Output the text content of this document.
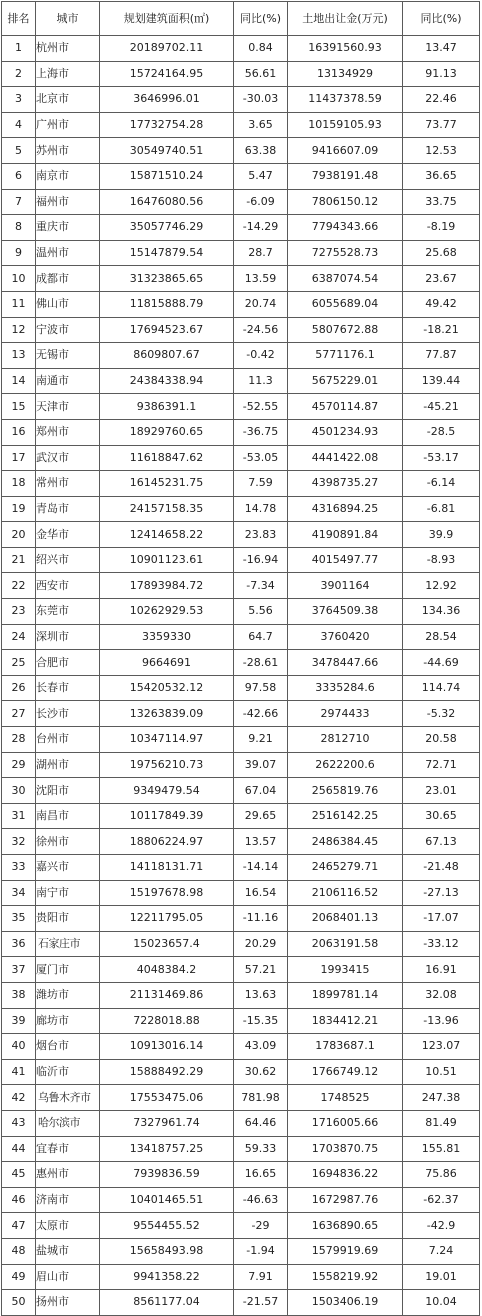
排名	城市	规划建筑面积(㎡)	同比(%)	土地出让金(万元)	同比(%)
1	杭州市	20189702.11	0.84	16391560.93	13.47
2	上海市	15724164.95	56.61	13134929	91.13
3	北京市	3646996.01	-30.03	11437378.59	22.46
4	广州市	17732754.28	3.65	10159105.93	73.77
5	苏州市	30549740.51	63.38	9416607.09	12.53
6	南京市	15871510.24	5.47	7938191.48	36.65
7	福州市	16476080.56	-6.09	7806150.12	33.75
8	重庆市	35057746.29	-14.29	7794343.66	-8.19
9	温州市	15147879.54	28.7	7275528.73	25.68
10	成都市	31323865.65	13.59	6387074.54	23.67
11	佛山市	11815888.79	20.74	6055689.04	49.42
12	宁波市	17694523.67	-24.56	5807672.88	-18.21
13	无锡市	8609807.67	-0.42	5771176.1	77.87
14	南通市	24384338.94	11.3	5675229.01	139.44
15	天津市	9386391.1	-52.55	4570114.87	-45.21
16	郑州市	18929760.65	-36.75	4501234.93	-28.5
17	武汉市	11618847.62	-53.05	4441422.08	-53.17
18	常州市	16145231.75	7.59	4398735.27	-6.14
19	青岛市	24157158.35	14.78	4316894.25	-6.81
20	金华市	12414658.22	23.83	4190891.84	39.9
21	绍兴市	10901123.61	-16.94	4015497.77	-8.93
22	西安市	17893984.72	-7.34	3901164	12.92
23	东莞市	10262929.53	5.56	3764509.38	134.36
24	深圳市	3359330	64.7	3760420	28.54
25	合肥市	9664691	-28.61	3478447.66	-44.69
26	长春市	15420532.12	97.58	3335284.6	114.74
27	长沙市	13263839.09	-42.66	2974433	-5.32
28	台州市	10347114.97	9.21	2812710	20.58
29	湖州市	19756210.73	39.07	2622200.6	72.71
30	沈阳市	9349479.54	67.04	2565819.76	23.01
31	南昌市	10117849.39	29.65	2516142.25	30.65
32	徐州市	18806224.97	13.57	2486384.45	67.13
33	嘉兴市	14118131.71	-14.14	2465279.71	-21.48
34	南宁市	15197678.98	16.54	2106116.52	-27.13
35	贵阳市	12211795.05	-11.16	2068401.13	-17.07
36	石家庄市	15023657.4	20.29	2063191.58	-33.12
37	厦门市	4048384.2	57.21	1993415	16.91
38	潍坊市	21131469.86	13.63	1899781.14	32.08
39	廊坊市	7228018.88	-15.35	1834412.21	-13.96
40	烟台市	10913016.14	43.09	1783687.1	123.07
41	临沂市	15888492.29	30.62	1766749.12	10.51
42	乌鲁木齐市	17553475.06	781.98	1748525	247.38
43	哈尔滨市	7327961.74	64.46	1716005.66	81.49
44	宜春市	13418757.25	59.33	1703870.75	155.81
45	惠州市	7939836.59	16.65	1694836.22	75.86
46	济南市	10401465.51	-46.63	1672987.76	-62.37
47	太原市	9554455.52	-29	1636890.65	-42.9
48	盐城市	15658493.98	-1.94	1579919.69	7.24
49	眉山市	9941358.22	7.91	1558219.92	19.01
50	扬州市	8561177.04	-21.57	1503406.19	10.04
